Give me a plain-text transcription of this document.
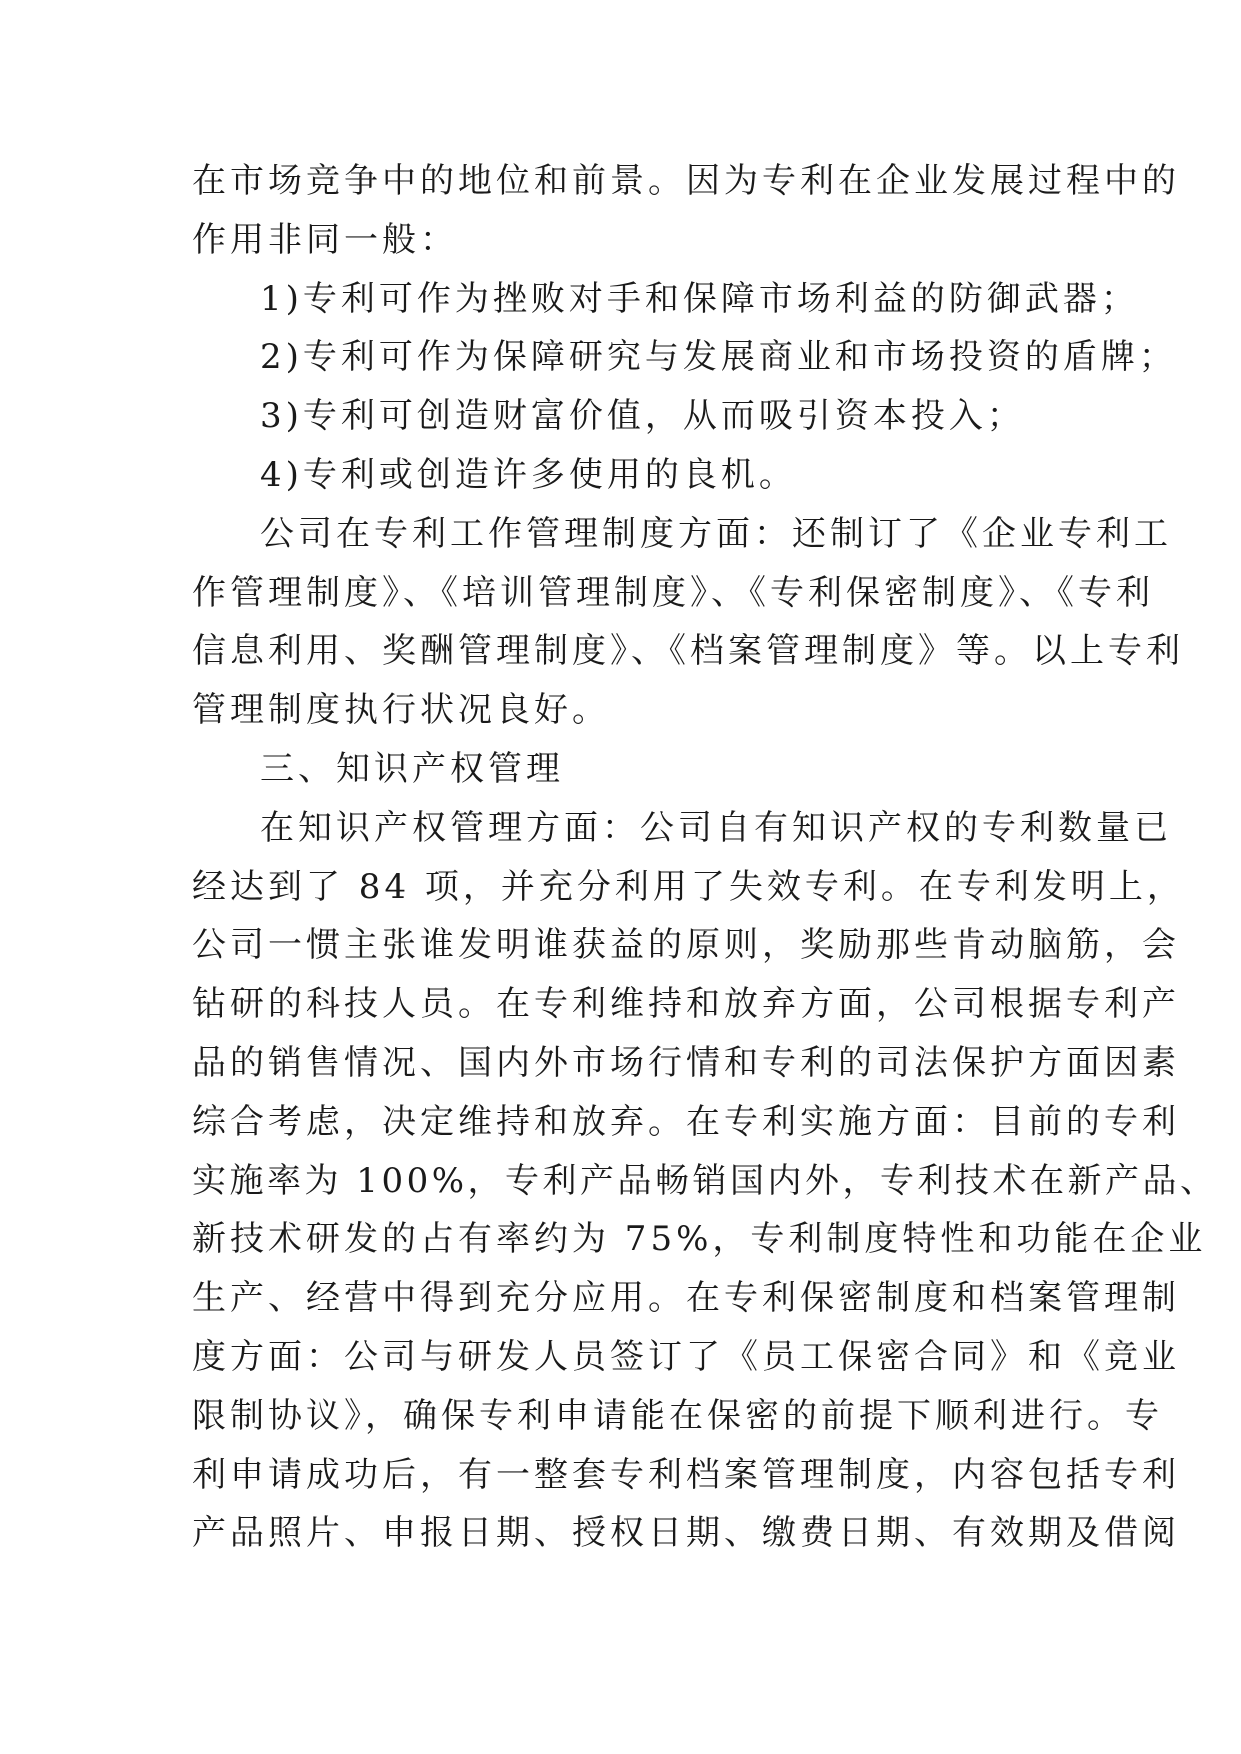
在市场竞争中的地位和前景。因为专利在企业发展过程中的
作用非同一般：
1)专利可作为挫败对手和保障市场利益的防御武器；
2)专利可作为保障研究与发展商业和市场投资的盾牌；
3)专利可创造财富价值，从而吸引资本投入；
4)专利或创造许多使用的良机。
公司在专利工作管理制度方面：还制订了《企业专利工
作管理制度》、《培训管理制度》、《专利保密制度》、《专利
信息利用、奖酬管理制度》、《档案管理制度》等。以上专利
管理制度执行状况良好。
三、知识产权管理
在知识产权管理方面：公司自有知识产权的专利数量已
经达到了 84 项，并充分利用了失效专利。在专利发明上，
公司一惯主张谁发明谁获益的原则，奖励那些肯动脑筋，会
钻研的科技人员。在专利维持和放弃方面，公司根据专利产
品的销售情况、国内外市场行情和专利的司法保护方面因素
综合考虑，决定维持和放弃。在专利实施方面：目前的专利
实施率为 100%，专利产品畅销国内外，专利技术在新产品、
新技术研发的占有率约为 75%，专利制度特性和功能在企业
生产、经营中得到充分应用。在专利保密制度和档案管理制
度方面：公司与研发人员签订了《员工保密合同》和《竞业
限制协议》，确保专利申请能在保密的前提下顺利进行。专
利申请成功后，有一整套专利档案管理制度，内容包括专利
产品照片、申报日期、授权日期、缴费日期、有效期及借阅
